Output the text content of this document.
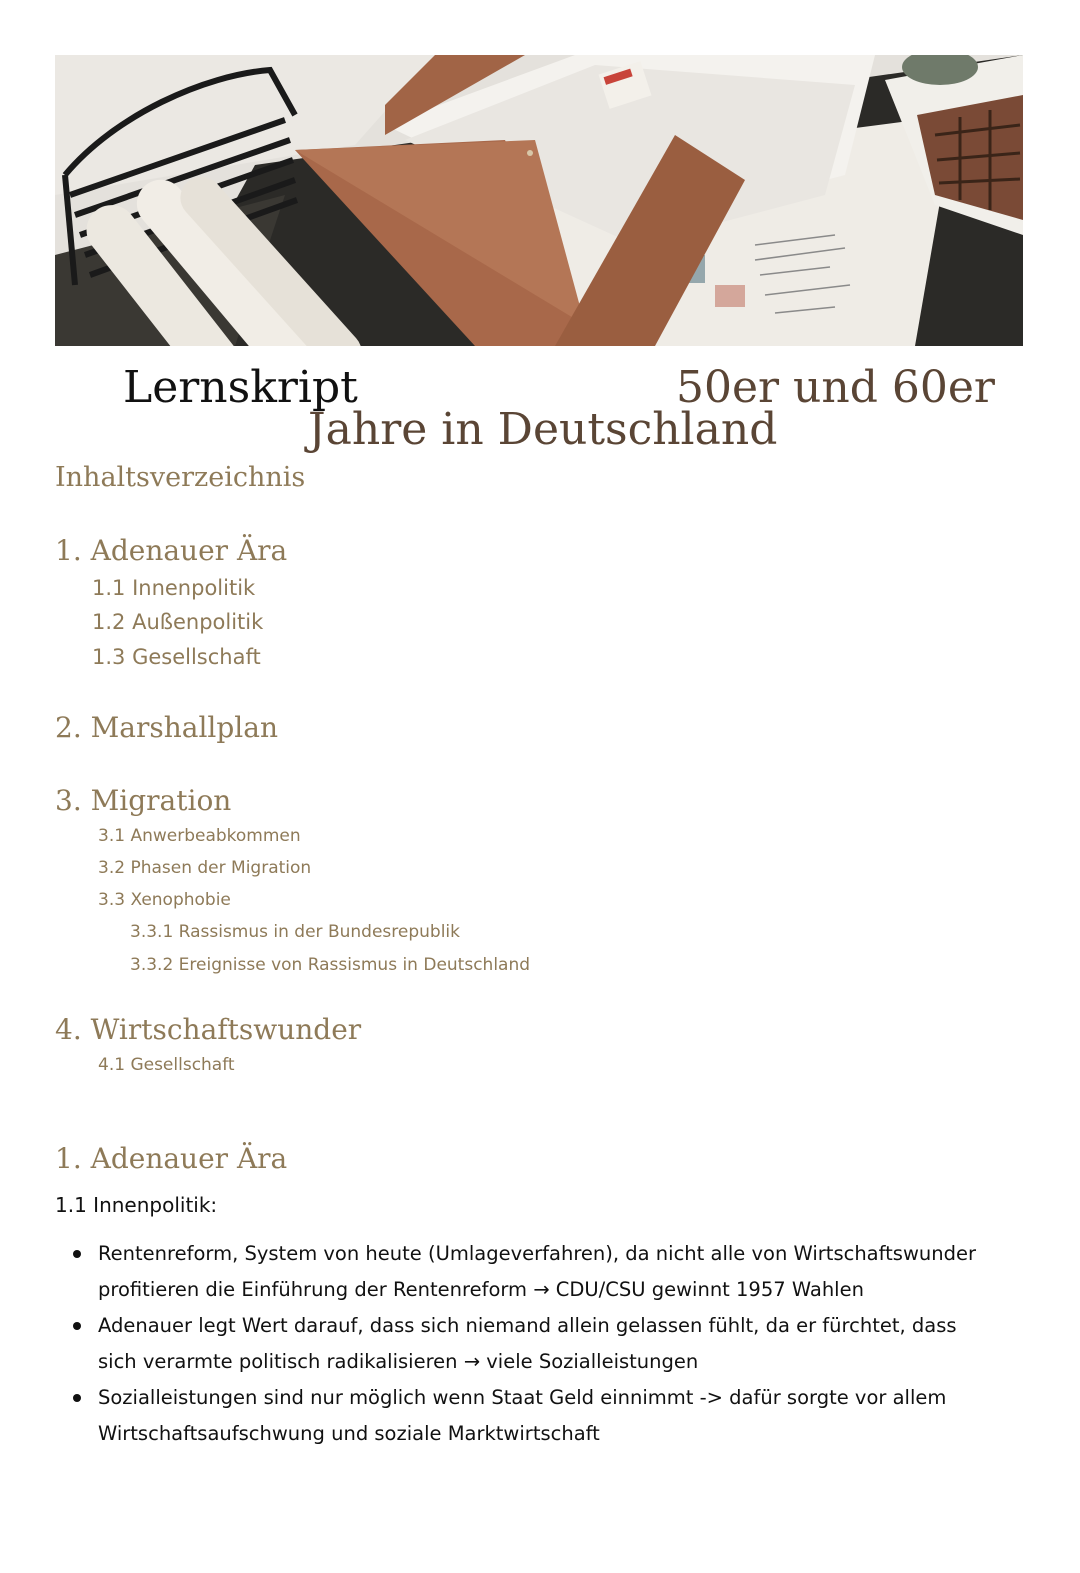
Lernskript	50er und 60er
Jahre in Deutschland
Inhaltsverzeichnis
1. Adenauer Ära
1.1 Innenpolitik
1.2 Außenpolitik
1.3 Gesellschaft
2. Marshallplan
3. Migration
3.1 Anwerbeabkommen
3.2 Phasen der Migration
3.3 Xenophobie
3.3.1 Rassismus in der Bundesrepublik
3.3.2 Ereignisse von Rassismus in Deutschland
4. Wirtschaftswunder
4.1 Gesellschaft
1. Adenauer Ära
1.1 Innenpolitik:
Rentenreform, System von heute (Umlageverfahren), da nicht alle von Wirtschaftswunder
profitieren die Einführung der Rentenreform → CDU/CSU gewinnt 1957 Wahlen
Adenauer legt Wert darauf, dass sich niemand allein gelassen fühlt, da er fürchtet, dass
sich verarmte politisch radikalisieren → viele Sozialleistungen
Sozialleistungen sind nur möglich wenn Staat Geld einnimmt -> dafür sorgte vor allem
Wirtschaftsaufschwung und soziale Marktwirtschaft
